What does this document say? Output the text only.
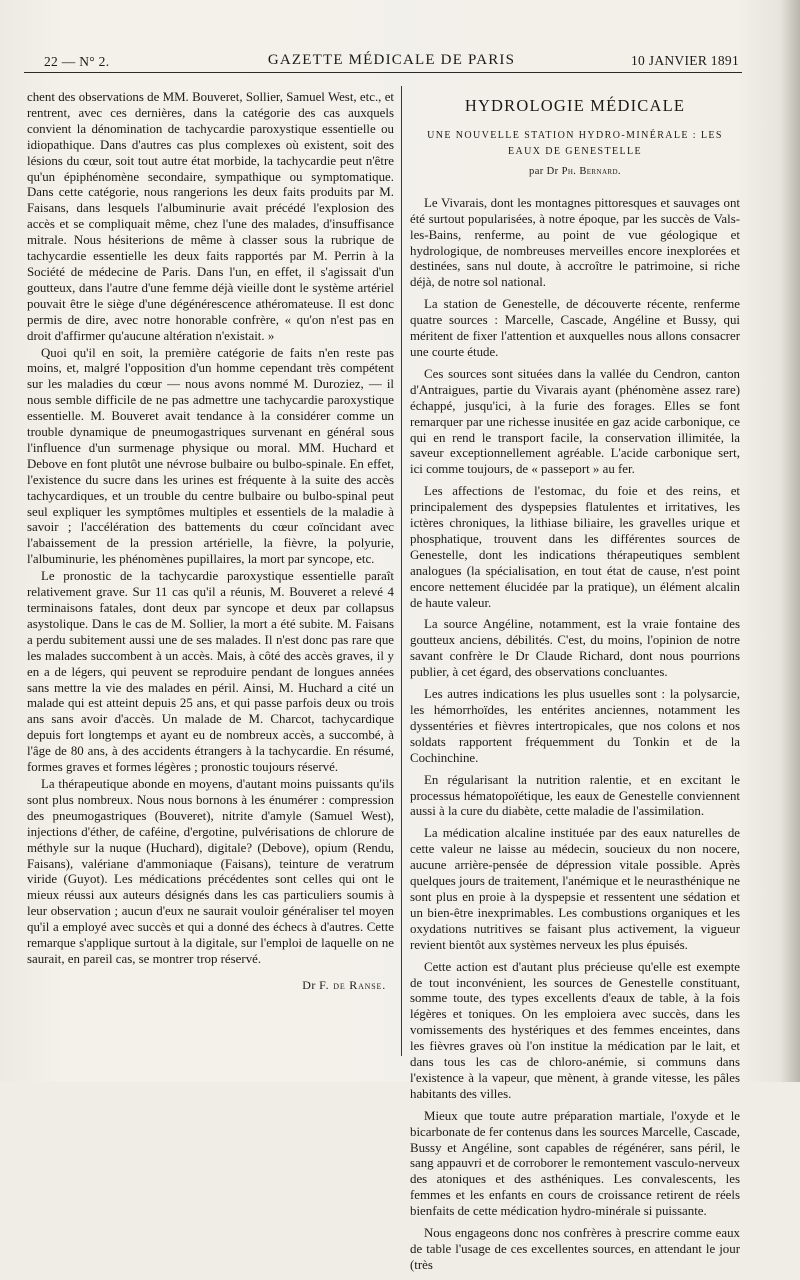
22 — N° 2.	GAZETTE MÉDICALE DE PARIS	10 JANVIER 1891

chent des observations de MM. Bouveret, Sollier, Samuel West, etc., et rentrent, avec ces dernières, dans la catégorie des cas auxquels convient la dénomination de tachycardie paroxystique essentielle ou idiopathique. Dans d'autres cas plus complexes où existent, soit des lésions du cœur, soit tout autre état morbide, la tachycardie peut n'être qu'un épiphénomène secondaire, sympathique ou symptomatique. Dans cette catégorie, nous rangerions les deux faits produits par M. Faisans, dans lesquels l'albuminurie avait précédé l'explosion des accès et se compliquait même, chez l'une des malades, d'insuffisance mitrale. Nous hésiterions de même à classer sous la rubrique de tachycardie essentielle les deux faits rapportés par M. Perrin à la Société de médecine de Paris. Dans l'un, en effet, il s'agissait d'un goutteux, dans l'autre d'une femme déjà vieille dont le système artériel pouvait être le siège d'une dégénérescence athéromateuse. Il est donc permis de dire, avec notre honorable confrère, « qu'on n'est pas en droit d'affirmer qu'aucune altération n'existait. »

Quoi qu'il en soit, la première catégorie de faits n'en reste pas moins, et, malgré l'opposition d'un homme cependant très compétent sur les maladies du cœur — nous avons nommé M. Duroziez, — il nous semble difficile de ne pas admettre une tachycardie paroxystique essentielle. M. Bouveret avait tendance à la considérer comme un trouble dynamique de pneumogastriques survenant en général sous l'influence d'un surmenage physique ou moral. MM. Huchard et Debove en font plutôt une névrose bulbaire ou bulbo-spinale. En effet, l'existence du sucre dans les urines est fréquente à la suite des accès tachycardiques, et un trouble du centre bulbaire ou bulbo-spinal peut seul expliquer les symptômes multiples et essentiels de la maladie à savoir ; l'accélération des battements du cœur coïncidant avec l'abaissement de la pression artérielle, la fièvre, la polyurie, l'albuminurie, les phénomènes pupillaires, la mort par syncope, etc.

Le pronostic de la tachycardie paroxystique essentielle paraît relativement grave. Sur 11 cas qu'il a réunis, M. Bouveret a relevé 4 terminaisons fatales, dont deux par syncope et deux par collapsus asystolique. Dans le cas de M. Sollier, la mort a été subite. M. Faisans a perdu subitement aussi une de ses malades. Il n'est donc pas rare que les malades succombent à un accès. Mais, à côté des accès graves, il y en a de légers, qui peuvent se reproduire pendant de longues années sans mettre la vie des malades en péril. Ainsi, M. Huchard a cité un malade qui est atteint depuis 25 ans, et qui passe parfois deux ou trois ans sans avoir d'accès. Un malade de M. Charcot, tachycardique depuis fort longtemps et ayant eu de nombreux accès, a succombé, à l'âge de 80 ans, à des accidents étrangers à la tachycardie. En résumé, formes graves et formes légères ; pronostic toujours réservé.

La thérapeutique abonde en moyens, d'autant moins puissants qu'ils sont plus nombreux. Nous nous bornons à les énumérer : compression des pneumogastriques (Bouveret), nitrite d'amyle (Samuel West), injections d'éther, de caféine, d'ergotine, pulvérisations de chlorure de méthyle sur la nuque (Huchard), digitale? (Debove), opium (Rendu, Faisans), valériane d'ammoniaque (Faisans), teinture de veratrum viride (Guyot). Les médications précédentes sont celles qui ont le mieux réussi aux auteurs désignés dans les cas particuliers soumis à leur observation ; aucun d'eux ne saurait vouloir généraliser tel moyen qu'il a employé avec succès et qui a donné des échecs à d'autres. Cette remarque s'applique surtout à la digitale, sur l'emploi de laquelle on ne saurait, en pareil cas, se montrer trop réservé.

Dr F. de Ranse.
HYDROLOGIE MÉDICALE
UNE NOUVELLE STATION HYDRO-MINÉRALE : LES EAUX DE GENESTELLE
par Dr Ph. Bernard.

Le Vivarais, dont les montagnes pittoresques et sauvages ont été surtout popularisées, à notre époque, par les succès de Vals-les-Bains, renferme, au point de vue géologique et hydrologique, de nombreuses merveilles encore inexplorées et destinées, sans nul doute, à accroître le patrimoine, si riche déjà, de notre sol national.

La station de Genestelle, de découverte récente, renferme quatre sources : Marcelle, Cascade, Angéline et Bussy, qui méritent de fixer l'attention et auxquelles nous allons consacrer une courte étude.

Ces sources sont situées dans la vallée du Cendron, canton d'Antraigues, partie du Vivarais ayant (phénomène assez rare) échappé, jusqu'ici, à la furie des forages. Elles se font remarquer par une richesse inusitée en gaz acide carbonique, ce qui en rend le transport facile, la conservation illimitée, la saveur exceptionnellement agréable. L'acide carbonique sert, ici comme toujours, de « passeport » au fer.

Les affections de l'estomac, du foie et des reins, et principalement des dyspepsies flatulentes et irritatives, les ictères chroniques, la lithiase biliaire, les gravelles urique et phosphatique, trouvent dans les différentes sources de Genestelle, dont les indications thérapeutiques semblent analogues (la spécialisation, en tout état de cause, n'est point encore nettement élucidée par la pratique), un élément alcalin de haute valeur.

La source Angéline, notamment, est la vraie fontaine des goutteux anciens, débilités. C'est, du moins, l'opinion de notre savant confrère le Dr Claude Richard, dont nous pourrions publier, à cet égard, des observations concluantes.

Les autres indications les plus usuelles sont : la polysarcie, les hémorrhoïdes, les entérites anciennes, notamment les dyssentéries et fièvres intertropicales, que nos colons et nos soldats rapportent fréquemment du Tonkin et de la Cochinchine.

En régularisant la nutrition ralentie, et en excitant le processus hématopoïétique, les eaux de Genestelle conviennent aussi à la cure du diabète, cette maladie de l'assimilation.

La médication alcaline instituée par des eaux naturelles de cette valeur ne laisse au médecin, soucieux du non nocere, aucune arrière-pensée de dépression vitale possible. Après quelques jours de traitement, l'anémique et le neurasthénique ne sont plus en proie à la dyspepsie et ressentent une sédation et un bien-être inexprimables. Les combustions organiques et les oxydations nutritives se faisant plus activement, la vigueur revient bientôt aux systèmes nerveux les plus épuisés.

Cette action est d'autant plus précieuse qu'elle est exempte de tout inconvénient, les sources de Genestelle constituant, somme toute, des types excellents d'eaux de table, à la fois légères et toniques. On les emploiera avec succès, dans les vomissements des hystériques et des femmes enceintes, dans les fièvres graves où l'on institue la médication par le lait, et dans tous les cas de chloro-anémie, si communs dans l'existence à la vapeur, que mènent, à grande vitesse, les pâles habitants des villes.

Mieux que toute autre préparation martiale, l'oxyde et le bicarbonate de fer contenus dans les sources Marcelle, Cascade, Bussy et Angéline, sont capables de régénérer, sans péril, le sang appauvri et de corroborer le remontement vasculo-nerveux des atoniques et des asthéniques. Les convalescents, les femmes et les enfants en cours de croissance retirent de réels bienfaits de cette médication hydro-minérale si puissante.

Nous engageons donc nos confrères à prescrire comme eaux de table l'usage de ces excellentes sources, en attendant le jour (très
